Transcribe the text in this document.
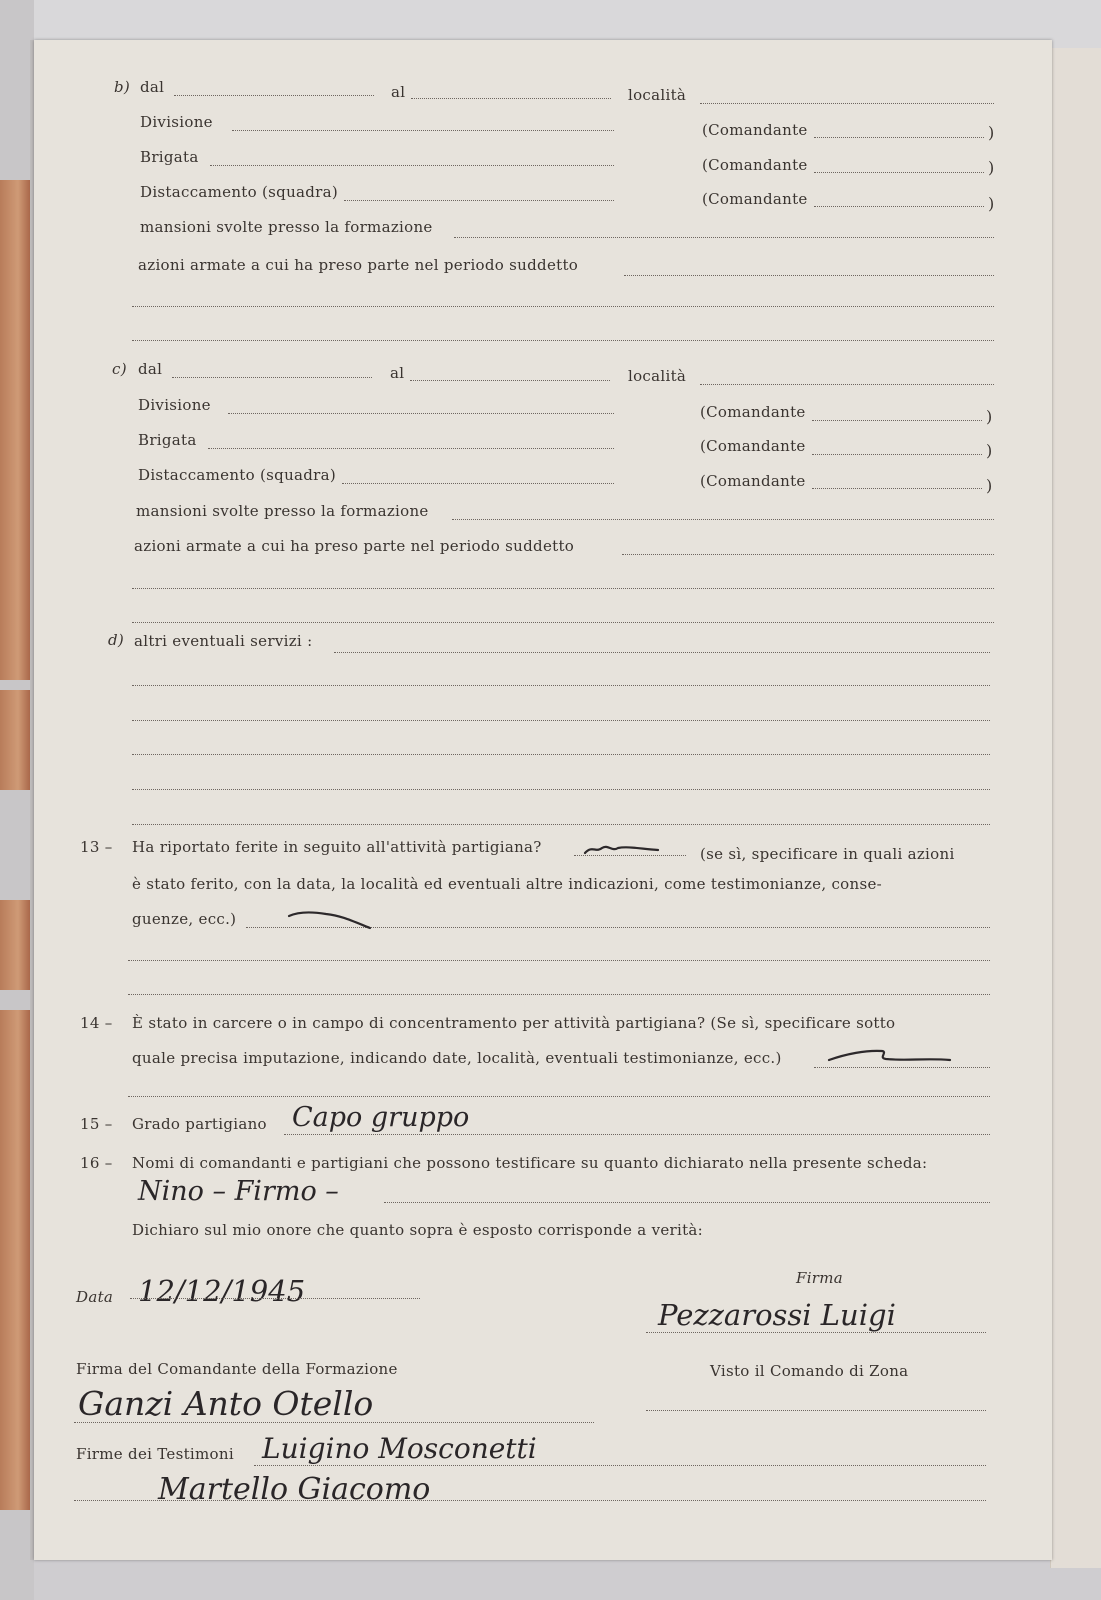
b) dal	al	località
Divisione	(Comandante	)
Brigata	(Comandante	)
Distaccamento (squadra)	(Comandante	)
mansioni svolte presso la formazione
azioni armate a cui ha preso parte nel periodo suddetto
c) dal	al	località
Divisione	(Comandante	)
Brigata	(Comandante	)
Distaccamento (squadra)	(Comandante	)
mansioni svolte presso la formazione
azioni armate a cui ha preso parte nel periodo suddetto
d) altri eventuali servizi :
13 – Ha riportato ferite in seguito all'attività partigiana?	(se sì, specificare in quali azioni
è stato ferito, con la data, la località ed eventuali altre indicazioni, come testimonianze, conse-
guenze, ecc.)
14 – È stato in carcere o in campo di concentramento per attività partigiana? (Se sì, specificare sotto
quale precisa imputazione, indicando date, località, eventuali testimonianze, ecc.)
15 – Grado partigiano Capo gruppo
16 – Nomi di comandanti e partigiani che possono testificare su quanto dichiarato nella presente scheda:
Nino – Firmo –
Dichiaro sul mio onore che quanto sopra è esposto corrisponde a verità:
Data 12/12/1945	Firma
Pezzarossi Luigi
Firma del Comandante della Formazione	Visto il Comando di Zona
Ganzi Anto Otello
Firme dei Testimoni Luigino Mosconetti
Martello Giacomo
